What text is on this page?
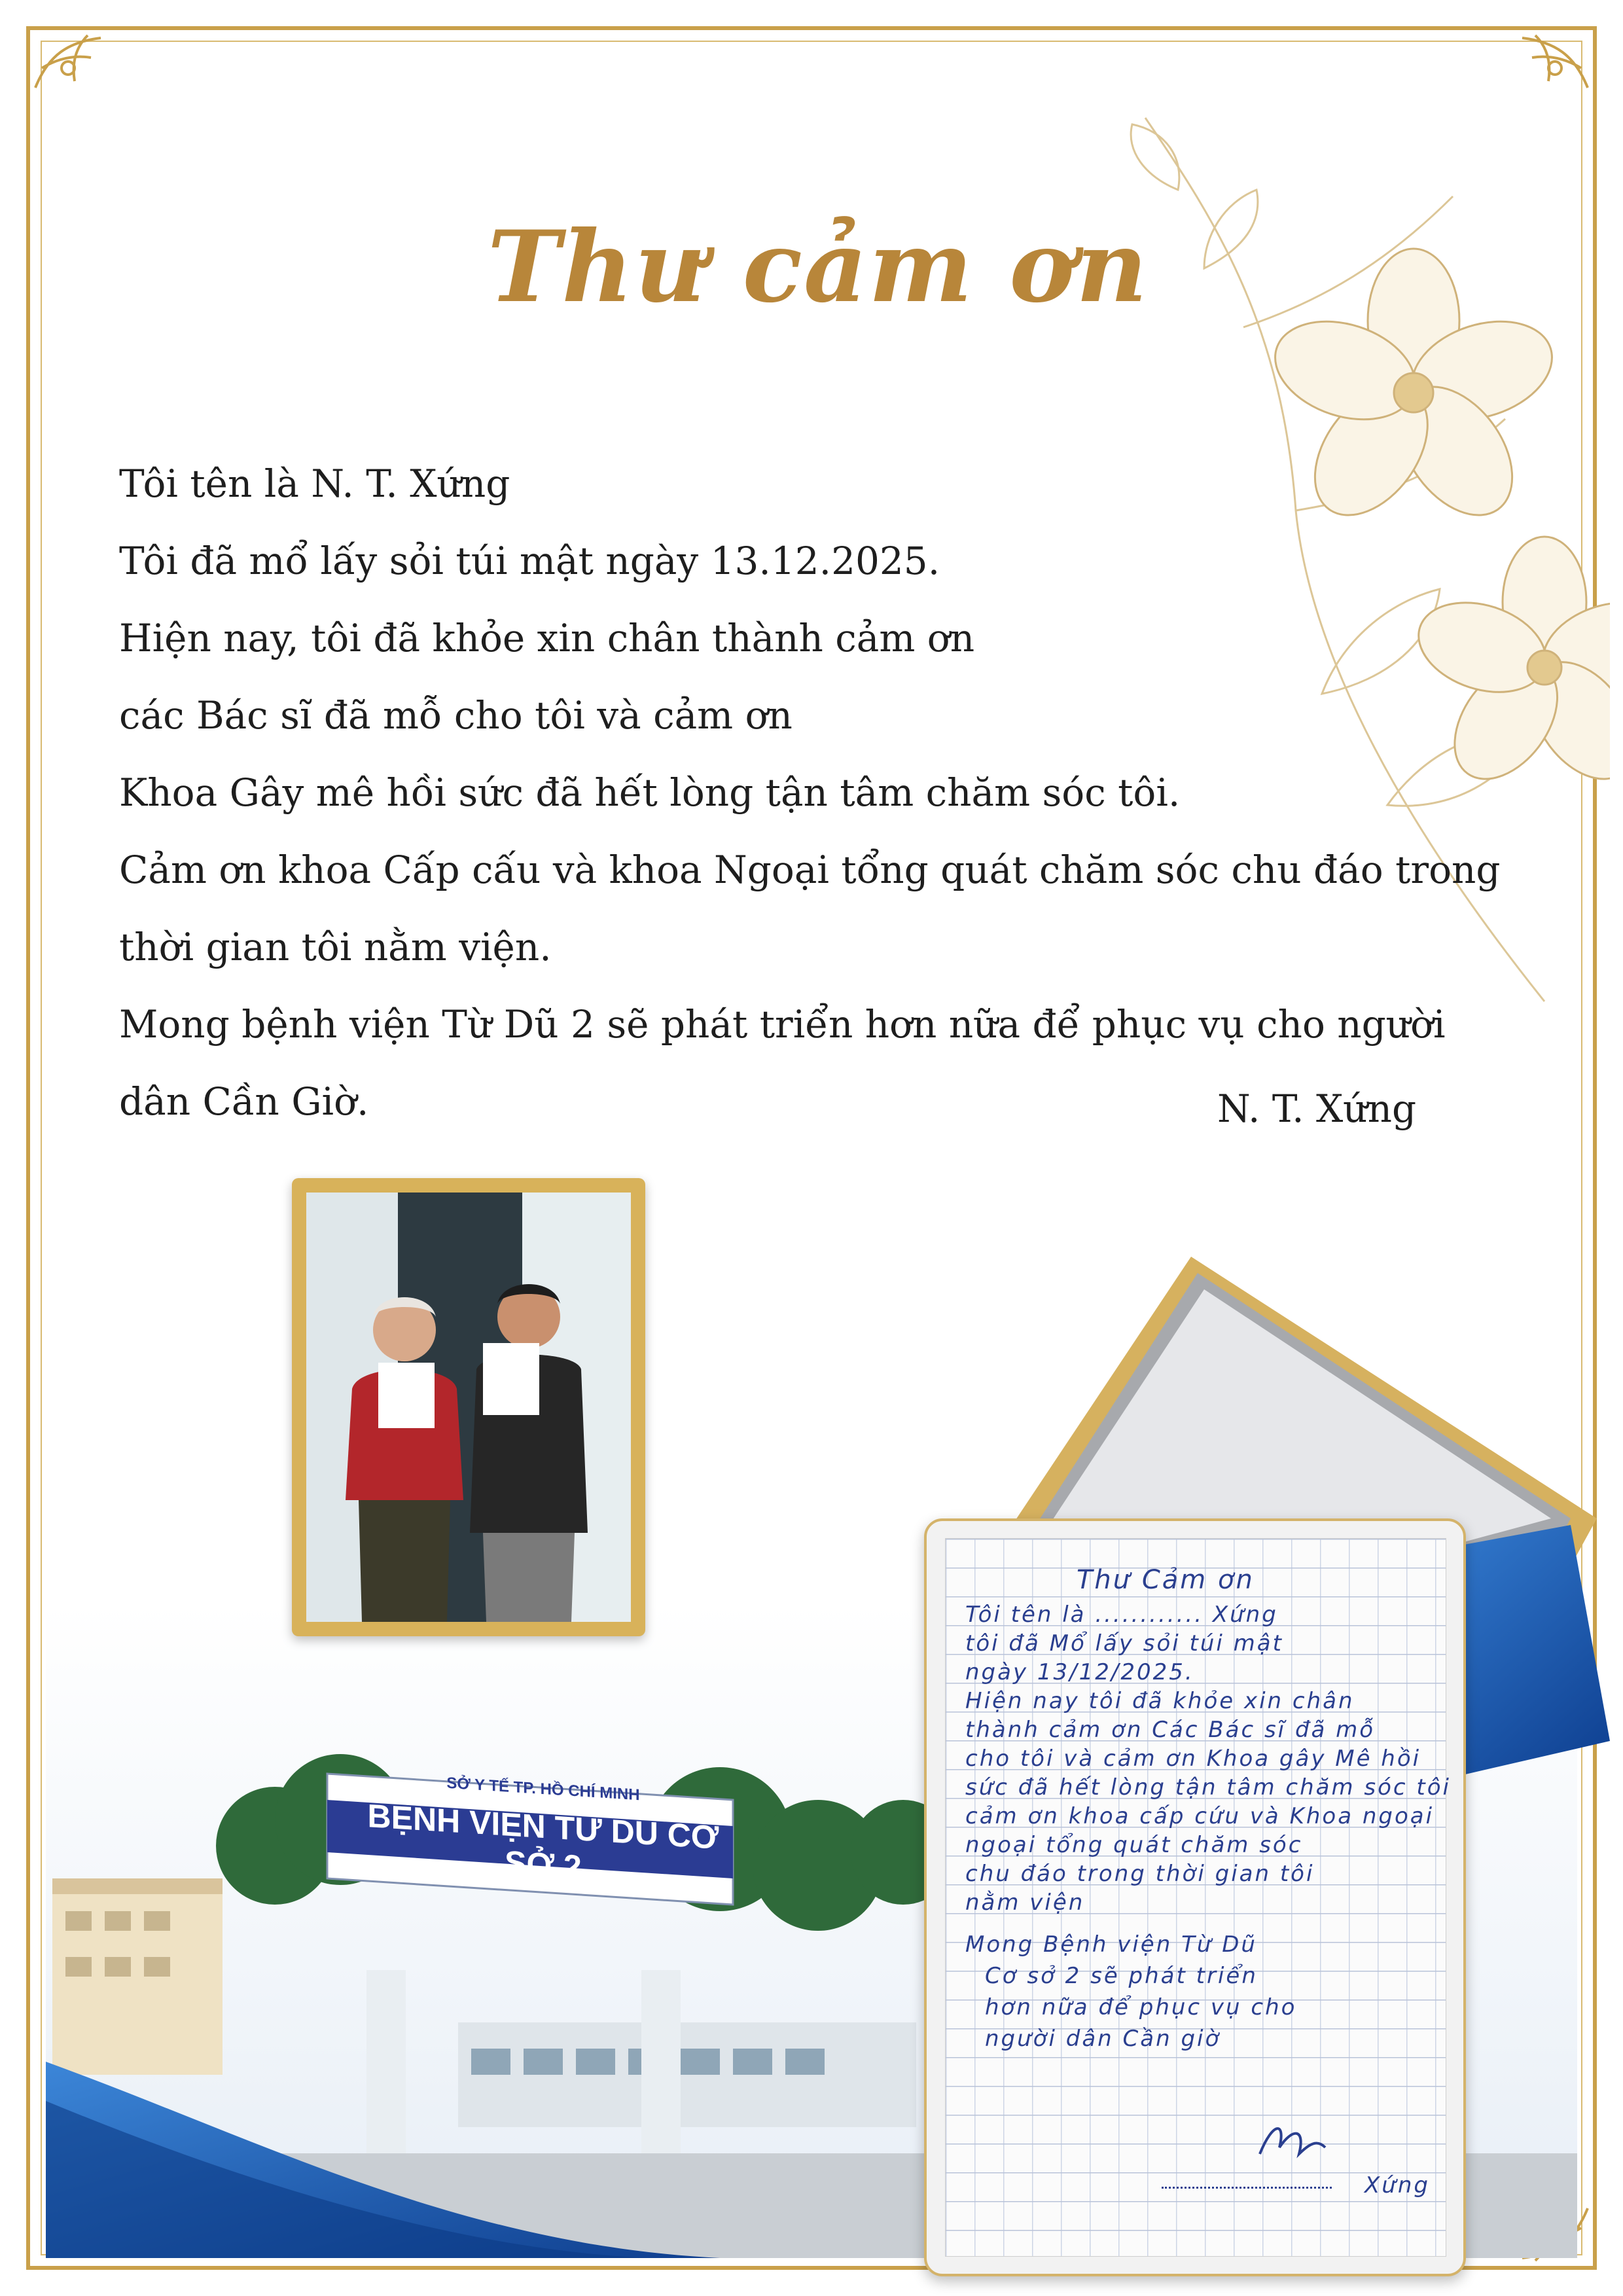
Thư cảm ơn

Tôi tên là N. T. Xứng

Tôi đã mổ lấy sỏi túi mật ngày 13.12.2025.

Hiện nay, tôi đã khỏe xin chân thành cảm ơn

các Bác sĩ đã mỗ cho tôi và cảm ơn

Khoa Gây mê hồi sức đã hết lòng tận tâm chăm sóc tôi.

Cảm ơn khoa Cấp cấu và khoa Ngoại tổng quát chăm sóc chu đáo trong

thời gian tôi nằm viện.

Mong bệnh viện Từ Dũ 2 sẽ phát triển hơn nữa để phục vụ cho người

dân Cần Giờ.	N. T. Xứng
SỞ Y TẾ TP. HỒ CHÍ MINH
BỆNH VIỆN TỪ DŨ CƠ SỞ 2
Thư Cảm ơn
Tôi tên là ............ Xứng
tôi đã Mổ lấy sỏi túi mật
ngày 13/12/2025.
Hiện nay tôi đã khỏe xin chân
thành cảm ơn Các Bác sĩ đã mỗ
cho tôi và cảm ơn Khoa gây Mê hồi
sức đã hết lòng tận tâm chăm sóc tôi
cảm ơn khoa cấp cứu và Khoa ngoại
ngoại tổng quát chăm sóc
chu đáo trong thời gian tôi
nằm viện
Mong Bệnh viện Từ Dũ
Cơ sở 2 sẽ phát triển
hơn nữa để phục vụ cho
người dân Cần giờ
Xứng
